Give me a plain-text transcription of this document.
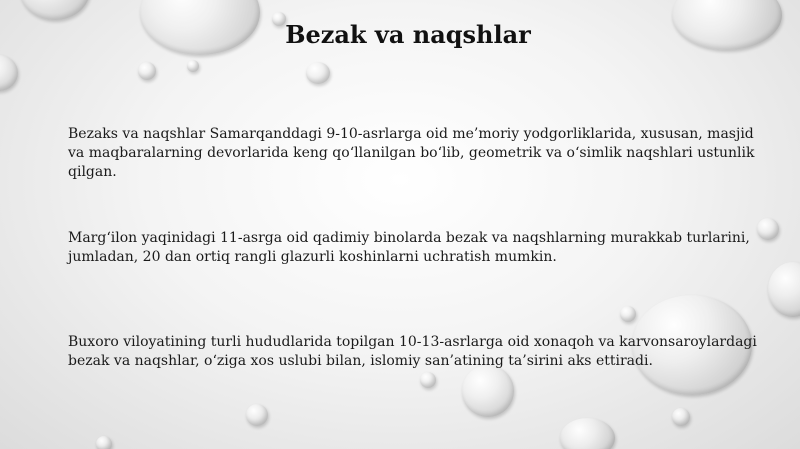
Bezak va naqshlar
Bezaks va naqshlar Samarqanddagi 9-10-asrlarga oid me’moriy yodgorliklarida, xususan, masjid va maqbaralarning devorlarida keng qo‘llanilgan bo‘lib, geometrik va o‘simlik naqshlari ustunlik qilgan.
Marg‘ilon yaqinidagi 11-asrga oid qadimiy binolarda bezak va naqshlarning murakkab turlarini, jumladan, 20 dan ortiq rangli glazurli koshinlarni uchratish mumkin.
Buxoro viloyatining turli hududlarida topilgan 10-13-asrlarga oid xonaqoh va karvonsaroylardagi bezak va naqshlar, o‘ziga xos uslubi bilan, islomiy san’atining ta’sirini aks ettiradi.
